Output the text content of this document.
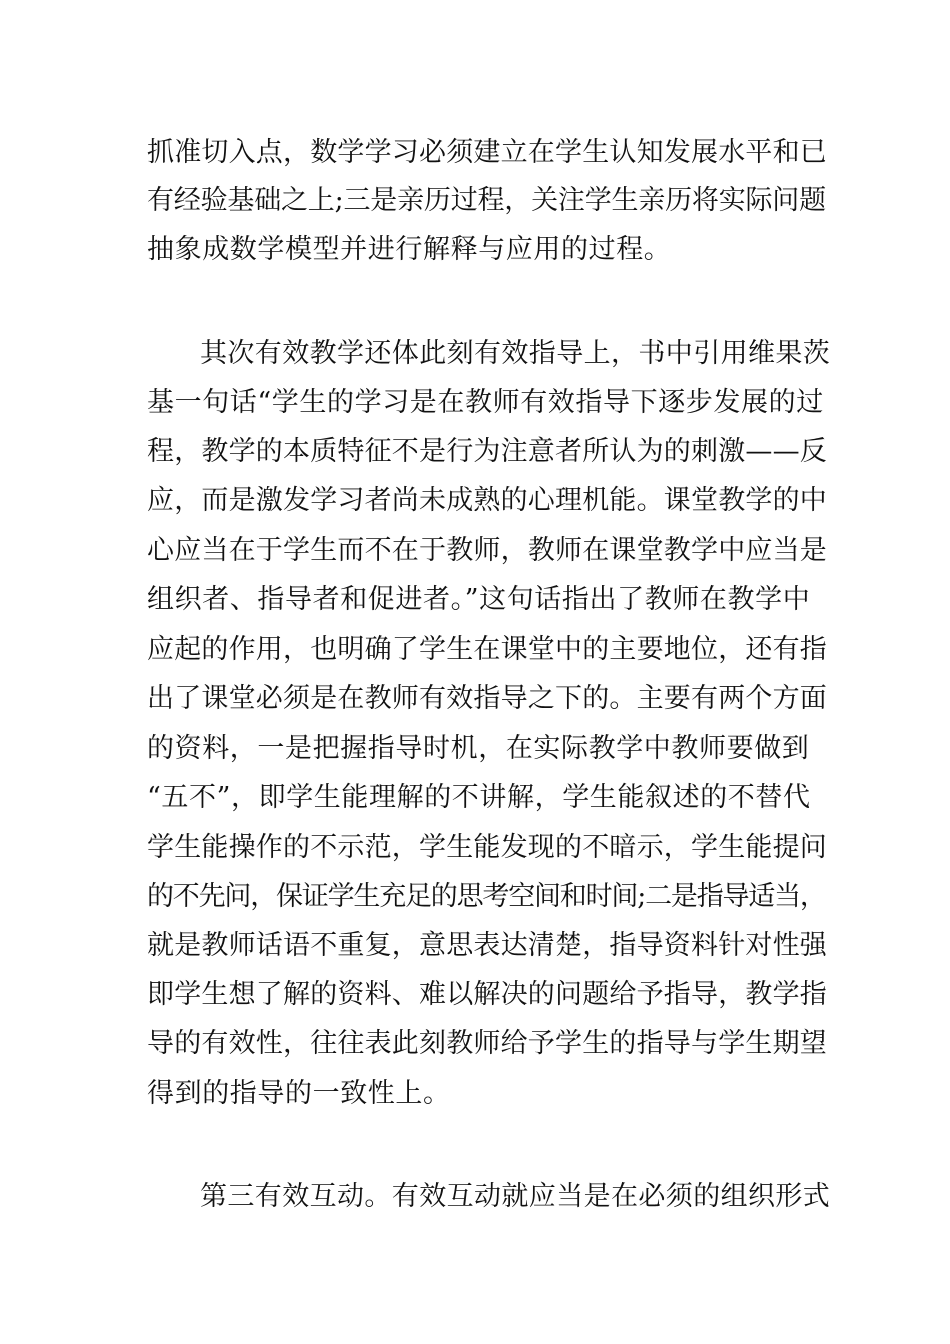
抓准切入点，数学学习必须建立在学生认知发展水平和已
有经验基础之上;三是亲历过程，关注学生亲历将实际问题
抽象成数学模型并进行解释与应用的过程。
其次有效教学还体此刻有效指导上，书中引用维果茨
基一句话“学生的学习是在教师有效指导下逐步发展的过
程，教学的本质特征不是行为注意者所认为的刺激——反
应，而是激发学习者尚未成熟的心理机能。课堂教学的中
心应当在于学生而不在于教师，教师在课堂教学中应当是
组织者、指导者和促进者。”这句话指出了教师在教学中
应起的作用，也明确了学生在课堂中的主要地位，还有指
出了课堂必须是在教师有效指导之下的。主要有两个方面
的资料，一是把握指导时机，在实际教学中教师要做到
“五不”，即学生能理解的不讲解，学生能叙述的不替代
学生能操作的不示范，学生能发现的不暗示，学生能提问
的不先问，保证学生充足的思考空间和时间;二是指导适当，
就是教师话语不重复，意思表达清楚，指导资料针对性强
即学生想了解的资料、难以解决的问题给予指导，教学指
导的有效性，往往表此刻教师给予学生的指导与学生期望
得到的指导的一致性上。
第三有效互动。有效互动就应当是在必须的组织形式
